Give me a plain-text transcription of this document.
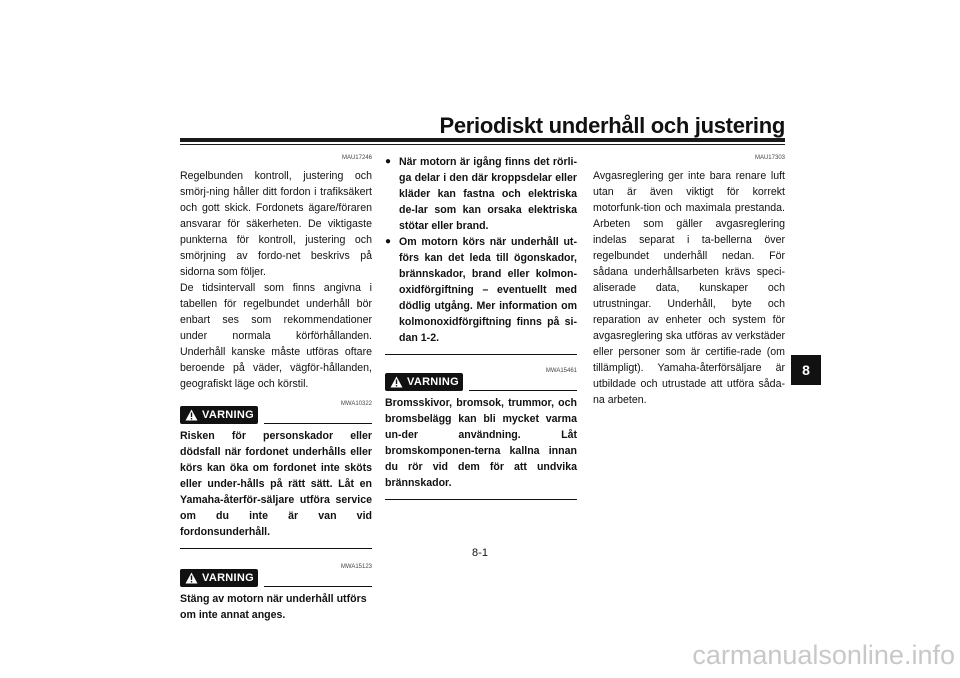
Periodiskt underhåll och justering
MAU17246
Regelbunden kontroll, justering och smörj-ning håller ditt fordon i trafiksäkert och gott skick. Fordonets ägare/föraren ansvarar för säkerheten. De viktigaste punkterna för kontroll, justering och smörjning av fordo-net beskrivs på sidorna som följer.
De tidsintervall som finns angivna i tabellen för regelbundet underhåll bör enbart ses som rekommendationer under normala körförhållanden. Underhåll kanske måste utföras oftare beroende på väder, vägför-hållanden, geografiskt läge och körstil.
MWA10322
VARNING
Risken för personskador eller dödsfall när fordonet underhålls eller körs kan öka om fordonet inte sköts eller under-hålls på rätt sätt. Låt en Yamaha-återför-säljare utföra service om du inte är van vid fordonsunderhåll.
MWA15123
VARNING
Stäng av motorn när underhåll utförs om inte annat anges.
● När motorn är igång finns det rörli-ga delar i den där kroppsdelar eller kläder kan fastna och elektriska de-lar som kan orsaka elektriska stötar eller brand.
● Om motorn körs när underhåll ut-förs kan det leda till ögonskador, brännskador, brand eller kolmon-oxidförgiftning – eventuellt med dödlig utgång. Mer information om kolmonoxidförgiftning finns på si-dan 1-2.
MWA15461
VARNING
Bromsskivor, bromsok, trummor, och bromsbelägg kan bli mycket varma un-der användning. Låt bromskomponen-terna kallna innan du rör vid dem för att undvika brännskador.
MAU17303
Avgasreglering ger inte bara renare luft utan är även viktigt för korrekt motorfunk-tion och maximala prestanda. Arbeten som gäller avgasreglering indelas separat i ta-bellerna över regelbundet underhåll nedan. För sådana underhållsarbeten krävs speci-aliserade data, kunskaper och utrustningar. Underhåll, byte och reparation av enheter och system för avgasreglering ska utföras av verkstäder eller personer som är certifie-rade (om tillämpligt). Yamaha-återförsäljare är utbildade och utrustade att utföra såda-na arbeten.
8
8-1
carmanualsonline.info
